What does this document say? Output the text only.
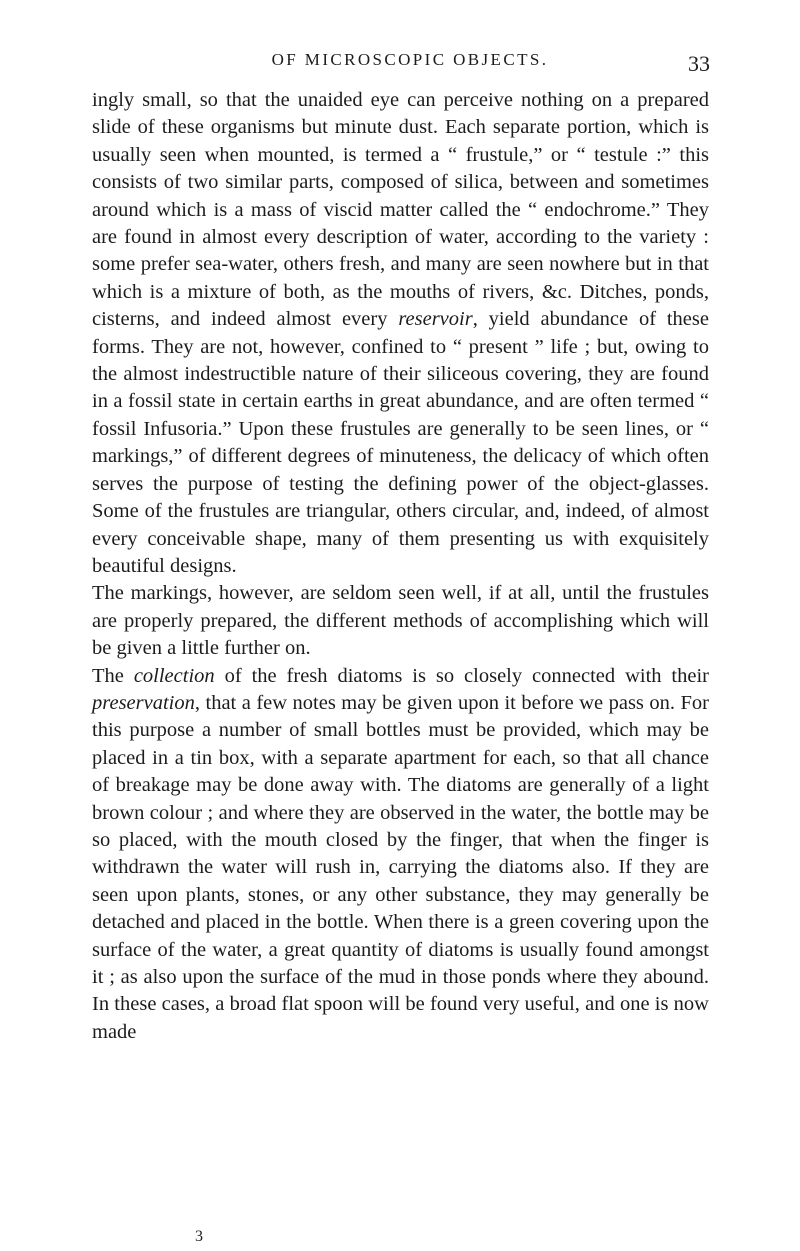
OF MICROSCOPIC OBJECTS.	33

ingly small, so that the unaided eye can perceive nothing on a prepared slide of these organisms but minute dust. Each separate portion, which is usually seen when mounted, is termed a “ frustule,” or “ testule :” this consists of two similar parts, composed of silica, between and sometimes around which is a mass of viscid matter called the “ endochrome.” They are found in almost every description of water, according to the variety : some prefer sea-water, others fresh, and many are seen nowhere but in that which is a mixture of both, as the mouths of rivers, &c. Ditches, ponds, cisterns, and indeed almost every reservoir, yield abundance of these forms. They are not, however, confined to “ present ” life ; but, owing to the almost indestructible nature of their siliceous covering, they are found in a fossil state in certain earths in great abundance, and are often termed “ fossil Infusoria.” Upon these frustules are generally to be seen lines, or “ markings,” of different degrees of minuteness, the delicacy of which often serves the purpose of testing the defining power of the object-glasses. Some of the frustules are triangular, others circular, and, indeed, of almost every conceivable shape, many of them presenting us with exquisitely beautiful designs.

The markings, however, are seldom seen well, if at all, until the frustules are properly prepared, the different methods of accomplishing which will be given a little further on.

The collection of the fresh diatoms is so closely connected with their preservation, that a few notes may be given upon it before we pass on. For this purpose a number of small bottles must be provided, which may be placed in a tin box, with a separate apartment for each, so that all chance of breakage may be done away with. The diatoms are generally of a light brown colour ; and where they are observed in the water, the bottle may be so placed, with the mouth closed by the finger, that when the finger is withdrawn the water will rush in, carrying the diatoms also. If they are seen upon plants, stones, or any other substance, they may generally be detached and placed in the bottle. When there is a green covering upon the surface of the water, a great quantity of diatoms is usually found amongst it ; as also upon the surface of the mud in those ponds where they abound. In these cases, a broad flat spoon will be found very useful, and one is now made

3
